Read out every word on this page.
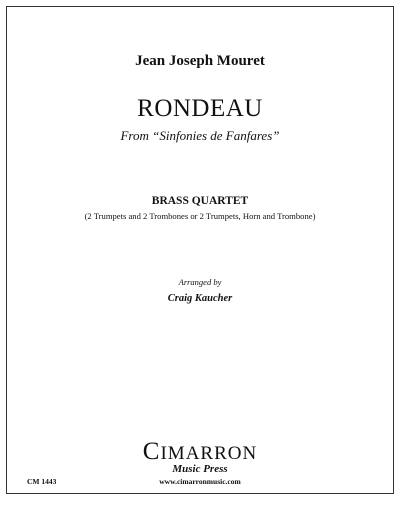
Jean Joseph Mouret
RONDEAU
From “Sinfonies de Fanfares”
BRASS QUARTET
(2 Trumpets and 2 Trombones or 2 Trumpets, Horn and Trombone)
Arranged by
Craig Kaucher
CIMARRON
Music Press
CM 1443	www.cimarronmusic.com
